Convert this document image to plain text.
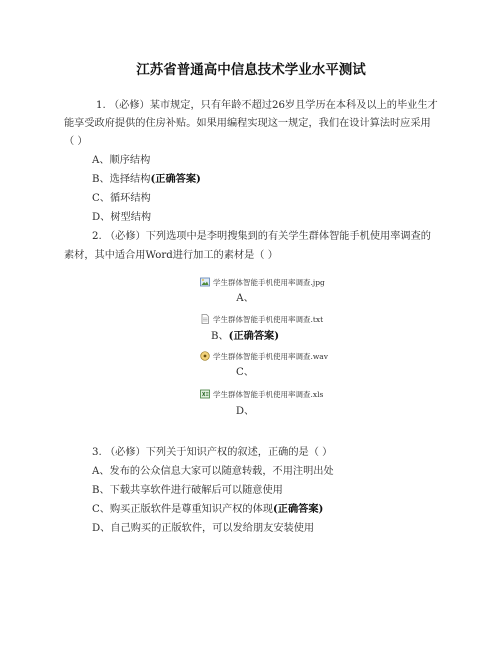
江苏省普通高中信息技术学业水平测试
1. （必修）某市规定，只有年龄不超过26岁且学历在本科及以上的毕业生才
能享受政府提供的住房补贴。如果用编程实现这一规定，我们在设计算法时应采用
（ ）
A、顺序结构
B、选择结构(正确答案)
C、循环结构
D、树型结构
2. （必修）下列选项中是李明搜集到的有关学生群体智能手机使用率调查的
素材，其中适合用Word进行加工的素材是（ ）
学生群体智能手机使用率调查.jpg
A、
学生群体智能手机使用率调查.txt
B、(正确答案)
学生群体智能手机使用率调查.wav
C、
学生群体智能手机使用率调查.xls
D、
3. （必修）下列关于知识产权的叙述，正确的是（ ）
A、发布的公众信息大家可以随意转载，不用注明出处
B、下载共享软件进行破解后可以随意使用
C、购买正版软件是尊重知识产权的体现(正确答案)
D、自己购买的正版软件，可以发给朋友安装使用
